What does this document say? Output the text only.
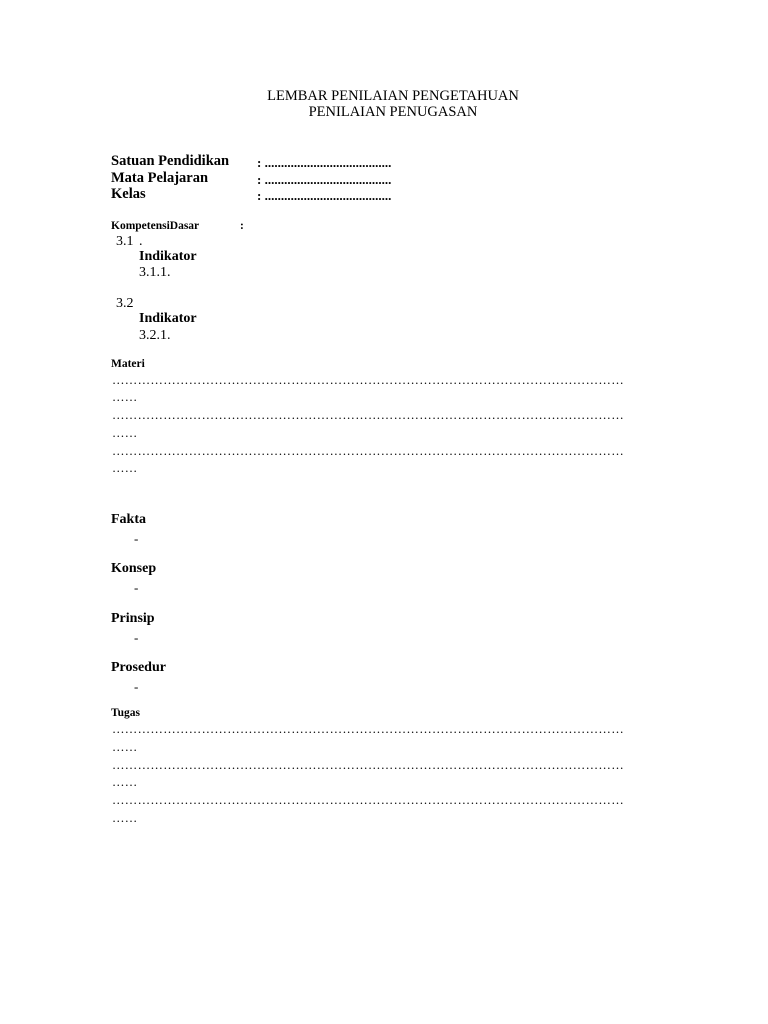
LEMBAR PENILAIAN PENGETAHUAN
PENILAIAN PENUGASAN
Satuan Pendidikan : .......................................
Mata Pelajaran	: .......................................
Kelas	: .......................................
KompetensiDasar	:
3.1 .
Indikator
3.1.1.
3.2
Indikator
3.2.1.
Materi
…………………………………………………………………………………………………………
……
…………………………………………………………………………………………………………
……
…………………………………………………………………………………………………………
……
Fakta
-
Konsep
-
Prinsip
-
Prosedur
-
Tugas
…………………………………………………………………………………………………………
……
…………………………………………………………………………………………………………
……
…………………………………………………………………………………………………………
……
